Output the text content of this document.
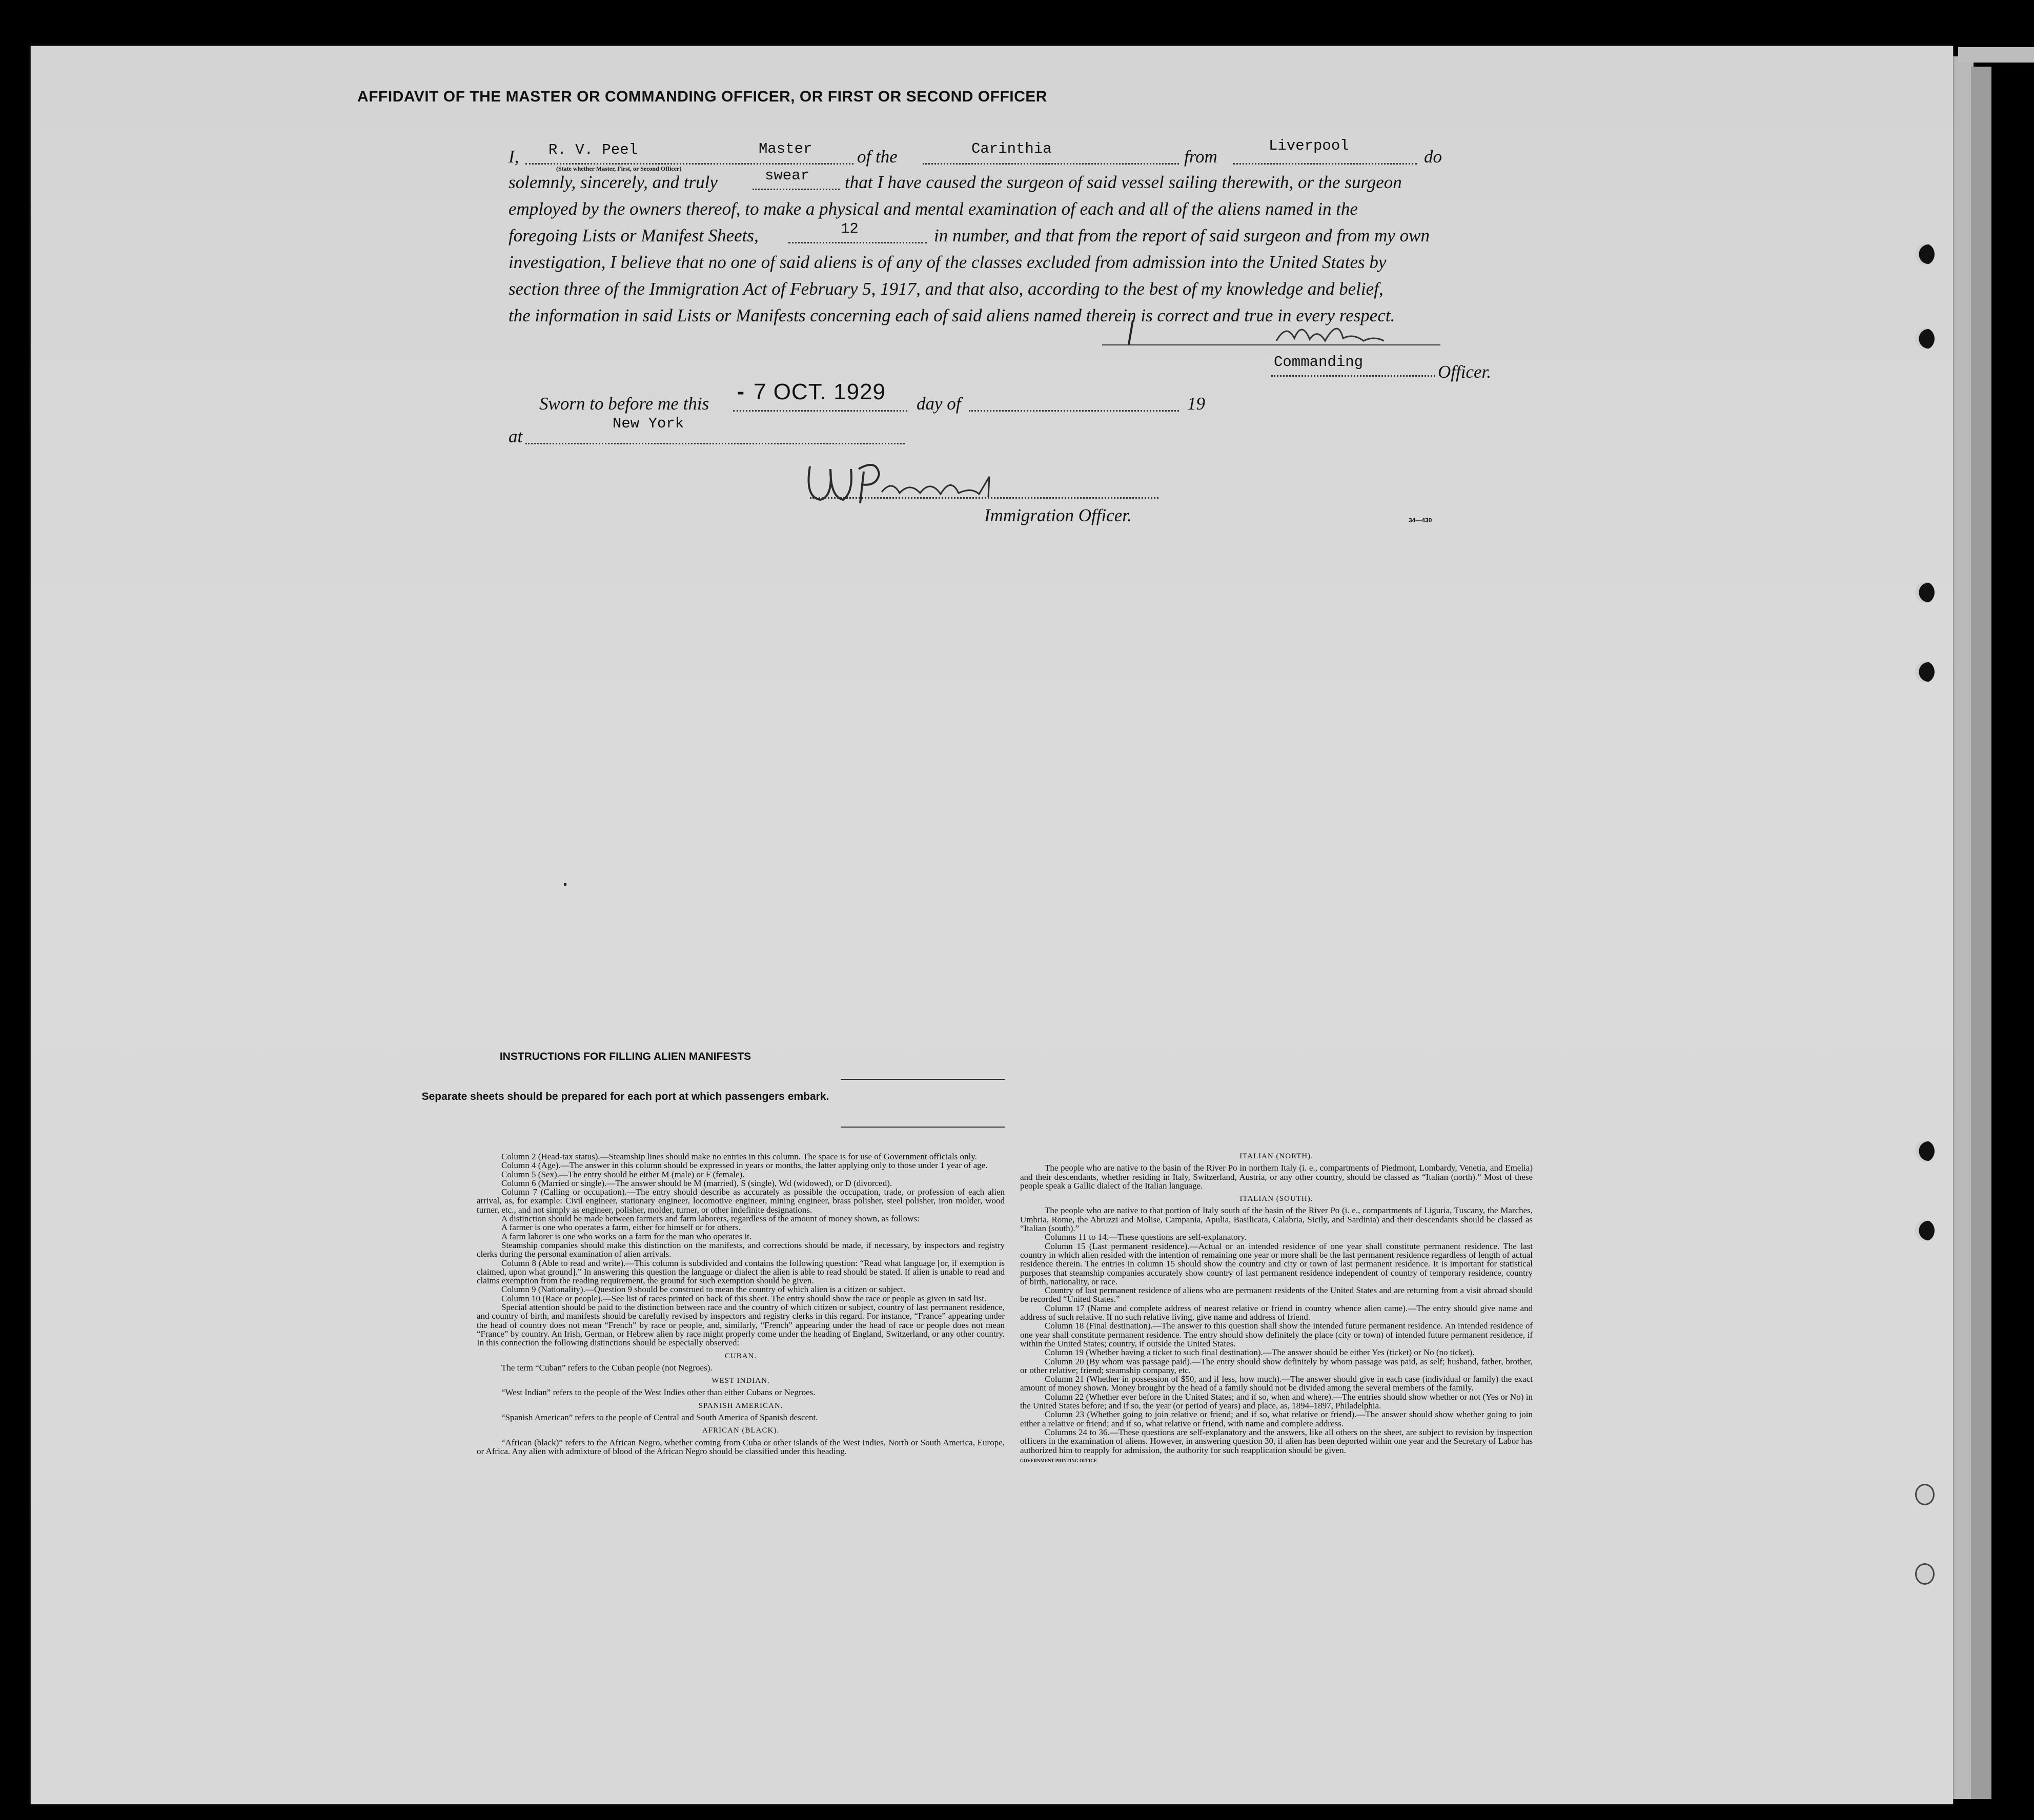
AFFIDAVIT OF THE MASTER OR COMMANDING OFFICER, OR FIRST OR SECOND OFFICER
I, R. V. Peel	Master
(State whether Master, First, or Second Officer)
of the	Carinthia	from
Liverpool
do
solemnly, sincerely, and truly	swear that I have caused the surgeon of said vessel sailing therewith, or the surgeon
employed by the owners thereof, to make a physical and mental examination of each and all of the aliens named in the
foregoing Lists or Manifest Sheets,	12	in number, and that from the report of said surgeon and from my own
investigation, I believe that no one of said aliens is of any of the classes excluded from admission into the United States by
section three of the Immigration Act of February 5, 1917, and that also, according to the best of my knowledge and belief,
the information in said Lists or Manifests concerning each of said aliens named therein is correct and true in every respect.
Commanding	Officer.
Sworn to before me this
- 7 OCT. 1929 day of	19
at
New York
Immigration Officer.	34—430
INSTRUCTIONS FOR FILLING ALIEN MANIFESTS
Separate sheets should be prepared for each port at which passengers embark.

Column 2 (Head-tax status).—Steamship lines should make no entries in this column. The space is for use of Government officials only.

Column 4 (Age).—The answer in this column should be expressed in years or months, the latter applying only to those under 1 year of age.

Column 5 (Sex).—The entry should be either M (male) or F (female).

Column 6 (Married or single).—The answer should be M (married), S (single), Wd (widowed), or D (divorced).

Column 7 (Calling or occupation).—The entry should describe as accurately as possible the occupation, trade, or profession of each alien arrival, as, for example: Civil engineer, stationary engineer, locomotive engineer, mining engineer, brass polisher, steel polisher, iron molder, wood turner, etc., and not simply as engineer, polisher, molder, turner, or other indefinite designations.

A distinction should be made between farmers and farm laborers, regardless of the amount of money shown, as follows:

A farmer is one who operates a farm, either for himself or for others.

A farm laborer is one who works on a farm for the man who operates it.

Steamship companies should make this distinction on the manifests, and corrections should be made, if necessary, by inspectors and registry clerks during the personal examination of alien arrivals.

Column 8 (Able to read and write).—This column is subdivided and contains the following question: “Read what language [or, if exemption is claimed, upon what ground].” In answering this question the language or dialect the alien is able to read should be stated. If alien is unable to read and claims exemption from the reading requirement, the ground for such exemption should be given.

Column 9 (Nationality).—Question 9 should be construed to mean the country of which alien is a citizen or subject.

Column 10 (Race or people).—See list of races printed on back of this sheet. The entry should show the race or people as given in said list.

Special attention should be paid to the distinction between race and the country of which citizen or subject, country of last permanent residence, and country of birth, and manifests should be carefully revised by inspectors and registry clerks in this regard. For instance, “France” appearing under the head of country does not mean “French” by race or people, and, similarly, “French” appearing under the head of race or people does not mean “France” by country. An Irish, German, or Hebrew alien by race might properly come under the heading of England, Switzerland, or any other country. In this connection the following distinctions should be especially observed:

CUBAN.

The term “Cuban” refers to the Cuban people (not Negroes).

WEST INDIAN.

“West Indian” refers to the people of the West Indies other than either Cubans or Negroes.

SPANISH AMERICAN.

“Spanish American” refers to the people of Central and South America of Spanish descent.

AFRICAN (BLACK).

“African (black)” refers to the African Negro, whether coming from Cuba or other islands of the West Indies, North or South America, Europe, or Africa. Any alien with admixture of blood of the African Negro should be classified under this heading.

ITALIAN (NORTH).

The people who are native to the basin of the River Po in northern Italy (i. e., compartments of Piedmont, Lombardy, Venetia, and Emelia) and their descendants, whether residing in Italy, Switzerland, Austria, or any other country, should be classed as “Italian (north).” Most of these people speak a Gallic dialect of the Italian language.

ITALIAN (SOUTH).

The people who are native to that portion of Italy south of the basin of the River Po (i. e., compartments of Liguria, Tuscany, the Marches, Umbria, Rome, the Abruzzi and Molise, Campania, Apulia, Basilicata, Calabria, Sicily, and Sardinia) and their descendants should be classed as “Italian (south).”

Columns 11 to 14.—These questions are self-explanatory.

Column 15 (Last permanent residence).—Actual or an intended residence of one year shall constitute permanent residence. The last country in which alien resided with the intention of remaining one year or more shall be the last permanent residence regardless of length of actual residence therein. The entries in column 15 should show the country and city or town of last permanent residence. It is important for statistical purposes that steamship companies accurately show country of last permanent residence independent of country of temporary residence, country of birth, nationality, or race.

Country of last permanent residence of aliens who are permanent residents of the United States and are returning from a visit abroad should be recorded “United States.”

Column 17 (Name and complete address of nearest relative or friend in country whence alien came).—The entry should give name and address of such relative. If no such relative living, give name and address of friend.

Column 18 (Final destination).—The answer to this question shall show the intended future permanent residence. An intended residence of one year shall constitute permanent residence. The entry should show definitely the place (city or town) of intended future permanent residence, if within the United States; country, if outside the United States.

Column 19 (Whether having a ticket to such final destination).—The answer should be either Yes (ticket) or No (no ticket).

Column 20 (By whom was passage paid).—The entry should show definitely by whom passage was paid, as self; husband, father, brother, or other relative; friend; steamship company, etc.

Column 21 (Whether in possession of $50, and if less, how much).—The answer should give in each case (individual or family) the exact amount of money shown. Money brought by the head of a family should not be divided among the several members of the family.

Column 22 (Whether ever before in the United States; and if so, when and where).—The entries should show whether or not (Yes or No) in the United States before; and if so, the year (or period of years) and place, as, 1894–1897, Philadelphia.

Column 23 (Whether going to join relative or friend; and if so, what relative or friend).—The answer should show whether going to join either a relative or friend; and if so, what relative or friend, with name and complete address.

Columns 24 to 36.—These questions are self-explanatory and the answers, like all others on the sheet, are subject to revision by inspection officers in the examination of aliens. However, in answering question 30, if alien has been deported within one year and the Secretary of Labor has authorized him to reapply for admission, the authority for such reapplication should be given.

GOVERNMENT PRINTING OFFICE
